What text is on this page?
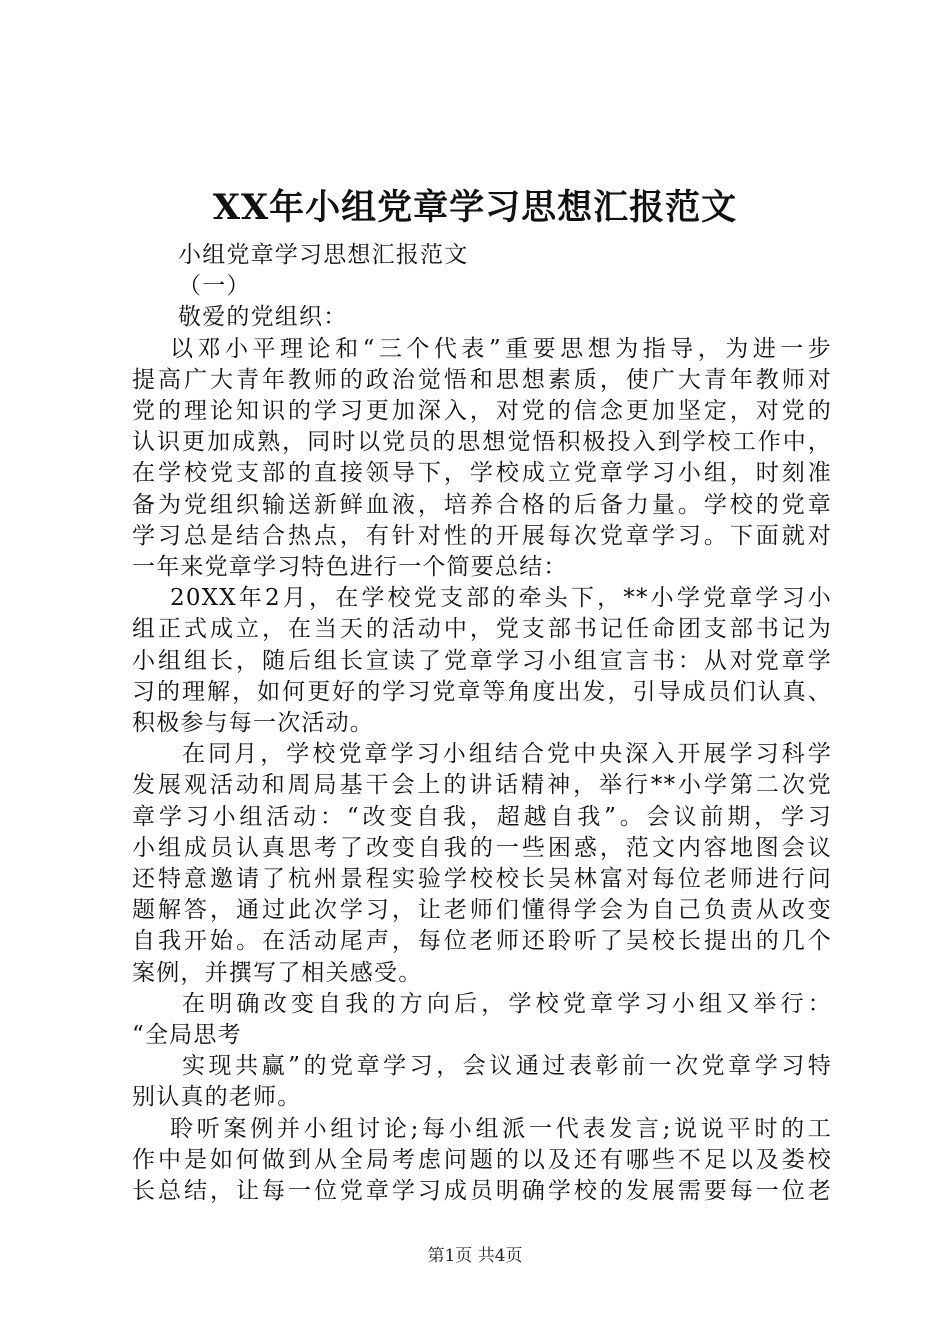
XX年小组党章学习思想汇报范文
小组党章学习思想汇报范文
（一）
敬爱的党组织：
以邓小平理论和“三个代表”重要思想为指导，为进一步
提高广大青年教师的政治觉悟和思想素质，使广大青年教师对
党的理论知识的学习更加深入，对党的信念更加坚定，对党的
认识更加成熟，同时以党员的思想觉悟积极投入到学校工作中，
在学校党支部的直接领导下，学校成立党章学习小组，时刻准
备为党组织输送新鲜血液，培养合格的后备力量。学校的党章
学习总是结合热点，有针对性的开展每次党章学习。下面就对
一年来党章学习特色进行一个简要总结：
20XX年2月，在学校党支部的牵头下，**小学党章学习小
组正式成立，在当天的活动中，党支部书记任命团支部书记为
小组组长，随后组长宣读了党章学习小组宣言书：从对党章学
习的理解，如何更好的学习党章等角度出发，引导成员们认真、
积极参与每一次活动。
在同月，学校党章学习小组结合党中央深入开展学习科学
发展观活动和周局基干会上的讲话精神，举行**小学第二次党
章学习小组活动：“改变自我，超越自我”。会议前期，学习
小组成员认真思考了改变自我的一些困惑，范文内容地图会议
还特意邀请了杭州景程实验学校校长吴林富对每位老师进行问
题解答，通过此次学习，让老师们懂得学会为自己负责从改变
自我开始。在活动尾声，每位老师还聆听了吴校长提出的几个
案例，并撰写了相关感受。
在明确改变自我的方向后，学校党章学习小组又举行：
“全局思考
实现共赢”的党章学习，会议通过表彰前一次党章学习特
别认真的老师。
聆听案例并小组讨论;每小组派一代表发言;说说平时的工
作中是如何做到从全局考虑问题的以及还有哪些不足以及娄校
长总结，让每一位党章学习成员明确学校的发展需要每一位老
第1页 共4页
